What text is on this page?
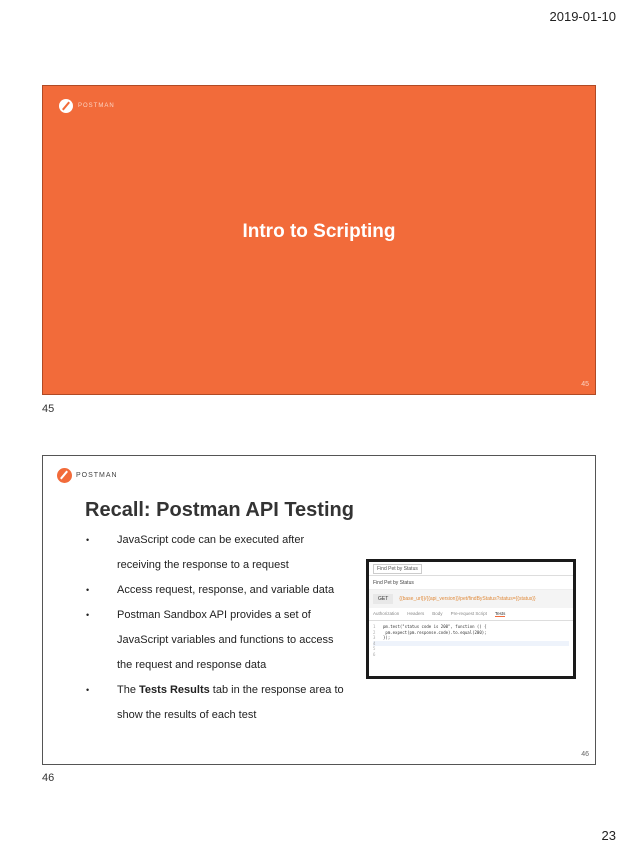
2019-01-10
POSTMAN
Intro to Scripting
45
45
POSTMAN
Recall: Postman API Testing
•	JavaScript code can be executed after
receiving the response to a request
•	Access request, response, and variable data
•	Postman Sandbox API provides a set of
JavaScript variables and functions to access
the request and response data
•	The Tests Results tab in the response area to
show the results of each test
Find Pet by Status
Find Pet by Status
GET	{{base_url}}/{{api_version}}/pet/findByStatus?status={{status}}
Authorization Headers Body Pre-request Script Tests
1 pm.test("status code is 200", function () {
2 pm.expect(pm.response.code).to.equal(200);
3 });
4
5
6
46
46
23
